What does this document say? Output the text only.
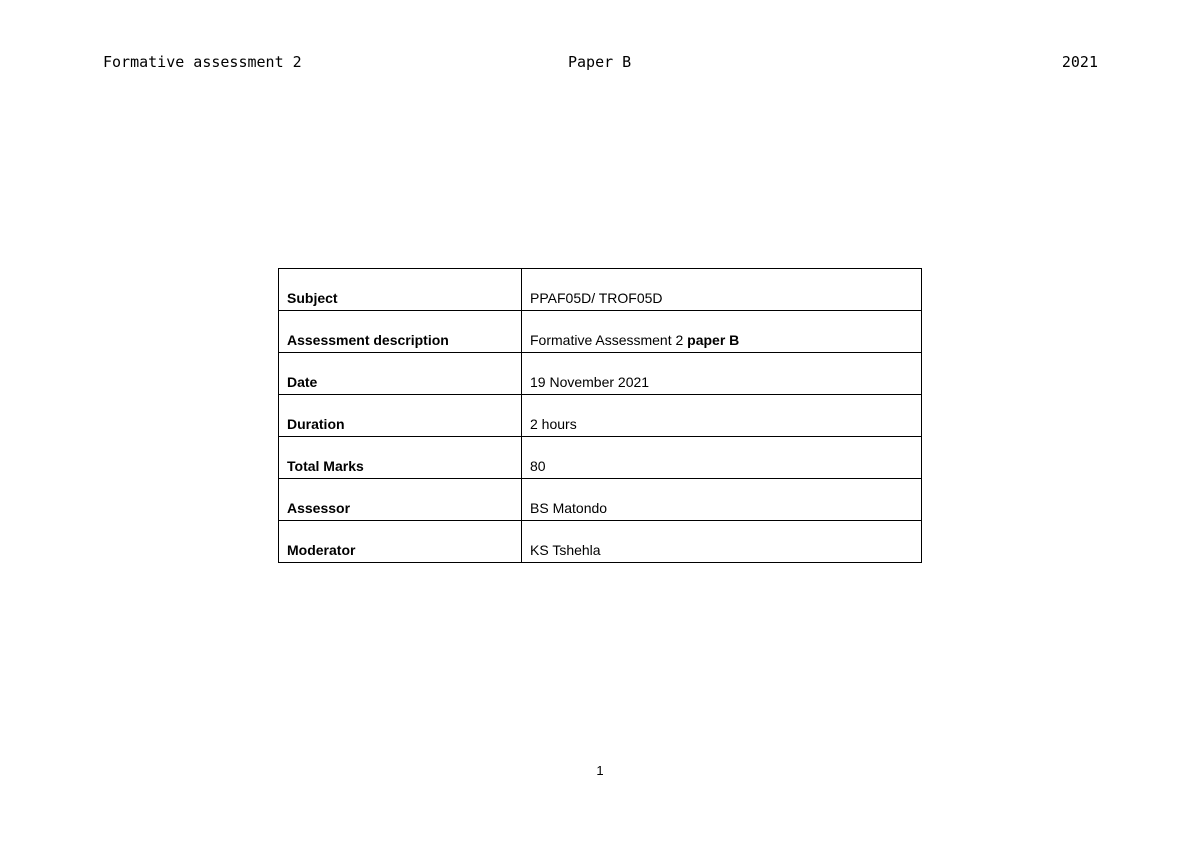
Formative assessment 2	Paper B	2021
Subject	PPAF05D/ TROF05D
Assessment description	Formative Assessment 2 paper B
Date	19 November 2021
Duration	2 hours
Total Marks	80
Assessor	BS Matondo
Moderator	KS Tshehla
1
